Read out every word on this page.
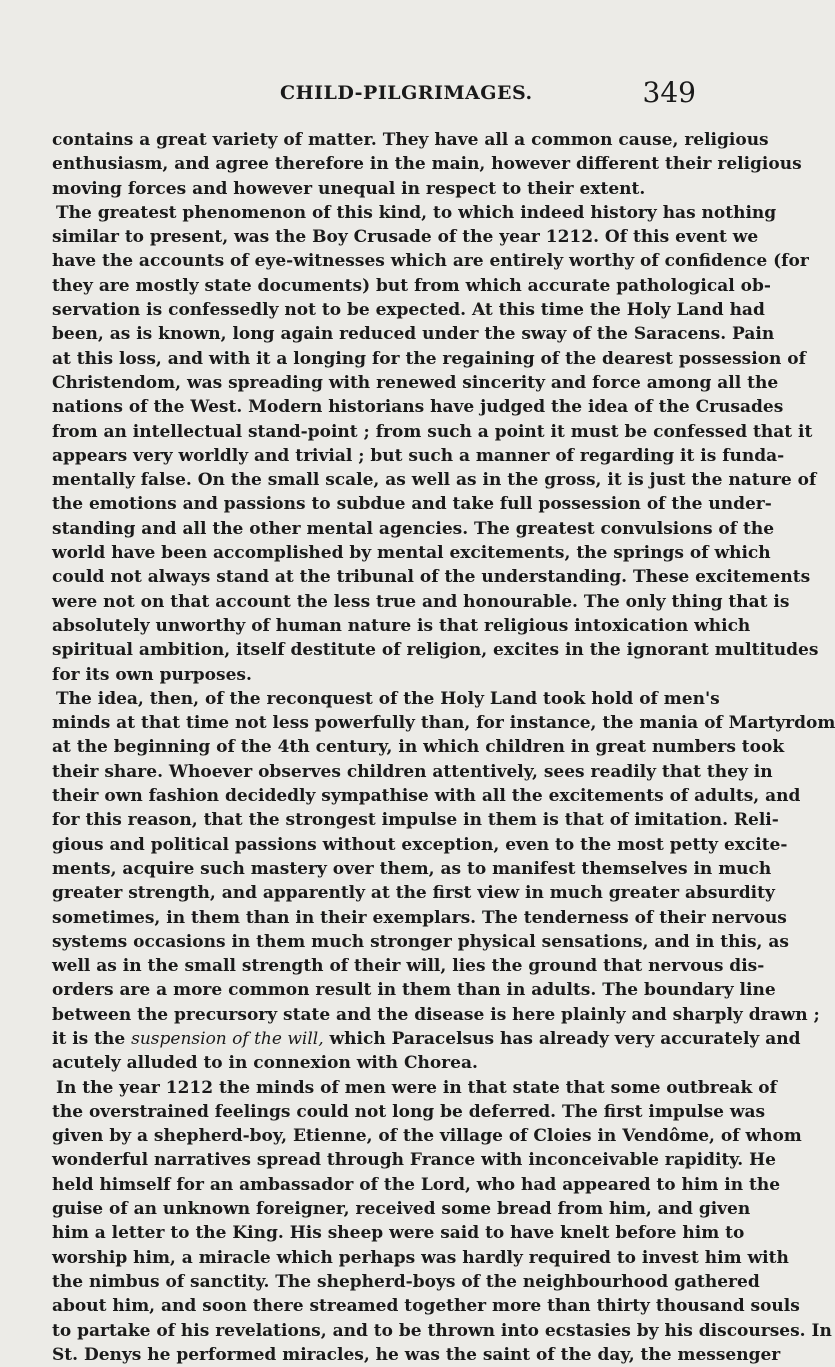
CHILD-PILGRIMAGES.	349
contains a great variety of matter. They have all a common cause, religious
enthusiasm, and agree therefore in the main, however different their religious
moving forces and however unequal in respect to their extent.
The greatest phenomenon of this kind, to which indeed history has nothing
similar to present, was the Boy Crusade of the year 1212. Of this event we
have the accounts of eye-witnesses which are entirely worthy of confidence (for
they are mostly state documents) but from which accurate pathological ob-
servation is confessedly not to be expected. At this time the Holy Land had
been, as is known, long again reduced under the sway of the Saracens. Pain
at this loss, and with it a longing for the regaining of the dearest possession of
Christendom, was spreading with renewed sincerity and force among all the
nations of the West. Modern historians have judged the idea of the Crusades
from an intellectual stand-point ; from such a point it must be confessed that it
appears very worldly and trivial ; but such a manner of regarding it is funda-
mentally false. On the small scale, as well as in the gross, it is just the nature of
the emotions and passions to subdue and take full possession of the under-
standing and all the other mental agencies. The greatest convulsions of the
world have been accomplished by mental excitements, the springs of which
could not always stand at the tribunal of the understanding. These excitements
were not on that account the less true and honourable. The only thing that is
absolutely unworthy of human nature is that religious intoxication which
spiritual ambition, itself destitute of religion, excites in the ignorant multitudes
for its own purposes.
The idea, then, of the reconquest of the Holy Land took hold of men's
minds at that time not less powerfully than, for instance, the mania of Martyrdom
at the beginning of the 4th century, in which children in great numbers took
their share. Whoever observes children attentively, sees readily that they in
their own fashion decidedly sympathise with all the excitements of adults, and
for this reason, that the strongest impulse in them is that of imitation. Reli-
gious and political passions without exception, even to the most petty excite-
ments, acquire such mastery over them, as to manifest themselves in much
greater strength, and apparently at the first view in much greater absurdity
sometimes, in them than in their exemplars. The tenderness of their nervous
systems occasions in them much stronger physical sensations, and in this, as
well as in the small strength of their will, lies the ground that nervous dis-
orders are a more common result in them than in adults. The boundary line
between the precursory state and the disease is here plainly and sharply drawn ;
it is the suspension of the will, which Paracelsus has already very accurately and
acutely alluded to in connexion with Chorea.
In the year 1212 the minds of men were in that state that some outbreak of
the overstrained feelings could not long be deferred. The first impulse was
given by a shepherd-boy, Etienne, of the village of Cloies in Vendôme, of whom
wonderful narratives spread through France with inconceivable rapidity. He
held himself for an ambassador of the Lord, who had appeared to him in the
guise of an unknown foreigner, received some bread from him, and given
him a letter to the King. His sheep were said to have knelt before him to
worship him, a miracle which perhaps was hardly required to invest him with
the nimbus of sanctity. The shepherd-boys of the neighbourhood gathered
about him, and soon there streamed together more than thirty thousand souls
to partake of his revelations, and to be thrown into ecstasies by his discourses. In
St. Denys he performed miracles, he was the saint of the day, the messenger
